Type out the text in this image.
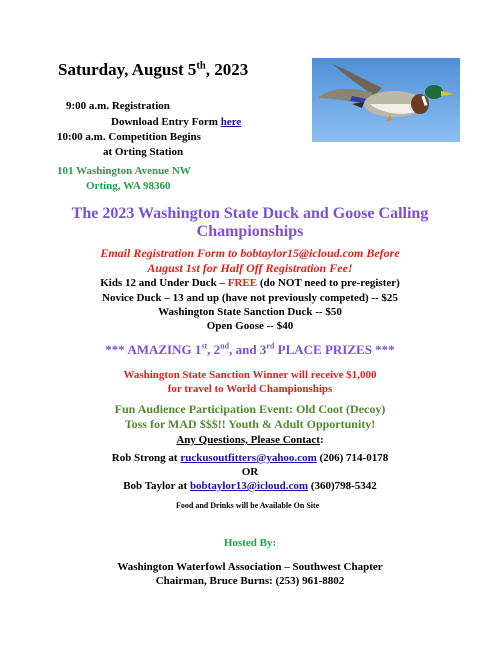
Saturday, August 5th, 2023
9:00 a.m. Registration
Download Entry Form here
10:00 a.m. Competition Begins
at Orting Station
101 Washington Avenue NW
Orting, WA 98360
The 2023 Washington State Duck and Goose Calling
Championships
Email Registration Form to bobtaylor15@icloud.com Before
August 1st for Half Off Registration Fee!
Kids 12 and Under Duck – FREE (do NOT need to pre-register)
Novice Duck – 13 and up (have not previously competed) -- $25
Washington State Sanction Duck -- $50
Open Goose -- $40
*** AMAZING 1st, 2nd, and 3rd PLACE PRIZES ***
Washington State Sanction Winner will receive $1,000
for travel to World Championships
Fun Audience Participation Event: Old Coot (Decoy)
Toss for MAD $$$!! Youth & Adult Opportunity!
Any Questions, Please Contact:
Rob Strong at ruckusoutfitters@yahoo.com (206) 714-0178
OR
Bob Taylor at bobtaylor13@icloud.com (360)798-5342
Food and Drinks will be Available On Site
Hosted By:
Washington Waterfowl Association – Southwest Chapter
Chairman, Bruce Burns: (253) 961-8802
